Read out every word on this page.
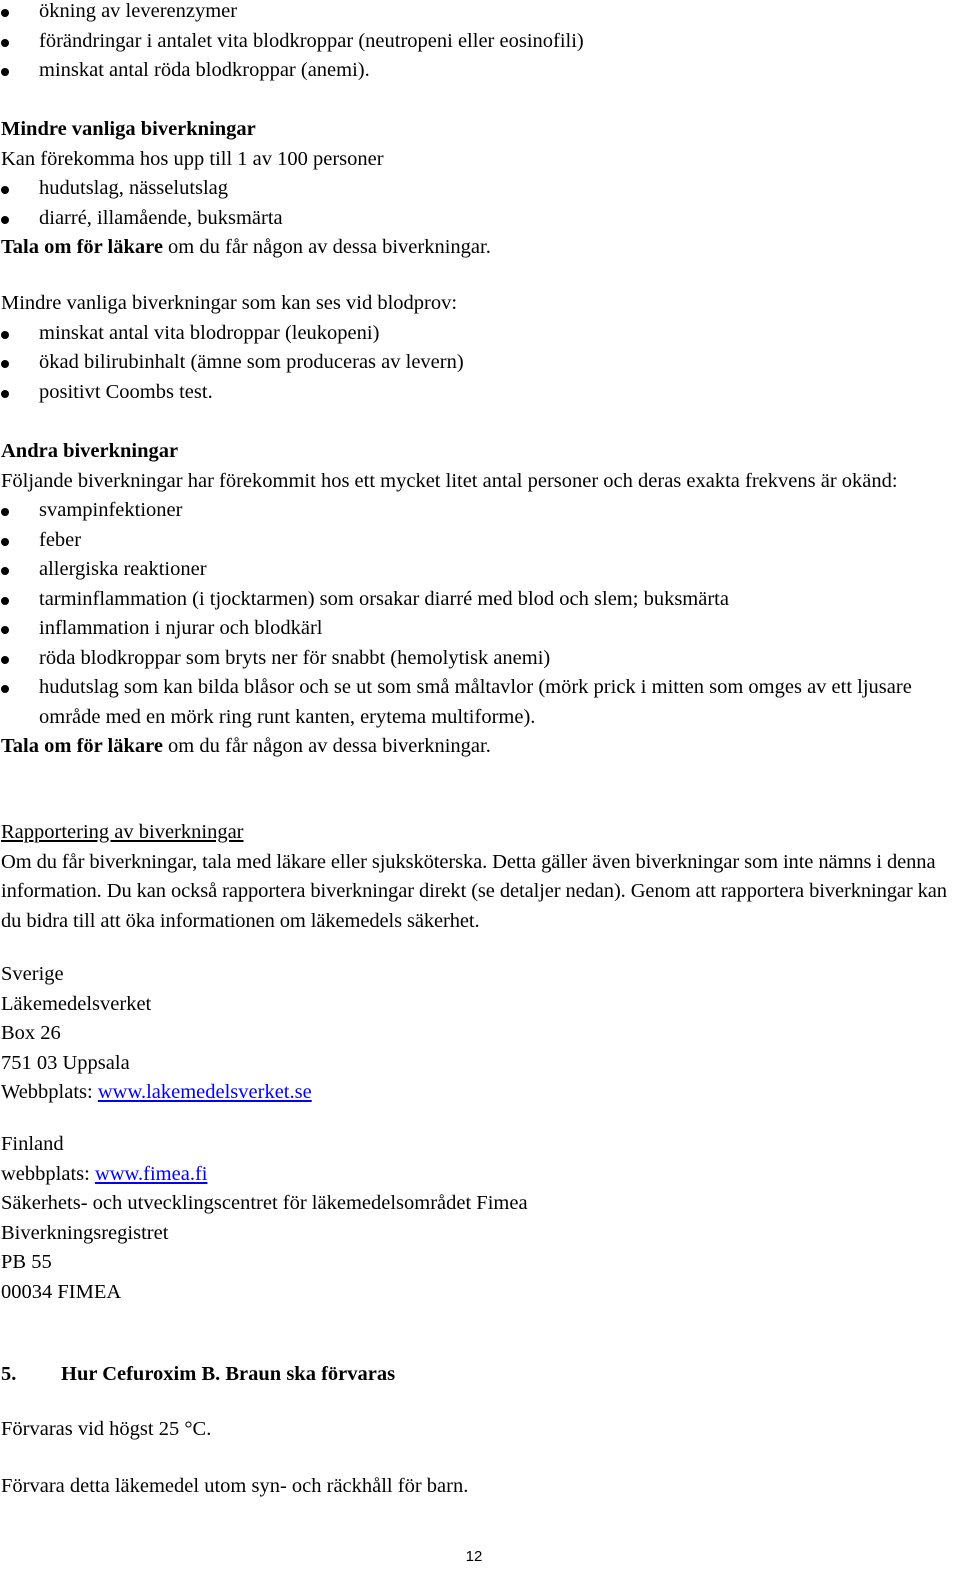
ökning av leverenzymer
förändringar i antalet vita blodkroppar (neutropeni eller eosinofili)
minskat antal röda blodkroppar (anemi).
Mindre vanliga biverkningar
Kan förekomma hos upp till 1 av 100 personer
hudutslag, nässelutslag
diarré, illamående, buksmärta
Tala om för läkare om du får någon av dessa biverkningar.
Mindre vanliga biverkningar som kan ses vid blodprov:
minskat antal vita blodroppar (leukopeni)
ökad bilirubinhalt (ämne som produceras av levern)
positivt Coombs test.
Andra biverkningar
Följande biverkningar har förekommit hos ett mycket litet antal personer och deras exakta frekvens är okänd:
svampinfektioner
feber
allergiska reaktioner
tarminflammation (i tjocktarmen) som orsakar diarré med blod och slem; buksmärta
inflammation i njurar och blodkärl
röda blodkroppar som bryts ner för snabbt (hemolytisk anemi)
hudutslag som kan bilda blåsor och se ut som små måltavlor (mörk prick i mitten som omges av ett ljusare område med en mörk ring runt kanten, erytema multiforme).
Tala om för läkare om du får någon av dessa biverkningar.
Rapportering av biverkningar
Om du får biverkningar, tala med läkare eller sjuksköterska. Detta gäller även biverkningar som inte nämns i denna information. Du kan också rapportera biverkningar direkt (se detaljer nedan). Genom att rapportera biverkningar kan du bidra till att öka informationen om läkemedels säkerhet.
Sverige
Läkemedelsverket
Box 26
751 03 Uppsala
Webbplats: www.lakemedelsverket.se
Finland
webbplats: www.fimea.fi
Säkerhets- och utvecklingscentret för läkemedelsområdet Fimea
Biverkningsregistret
PB 55
00034 FIMEA
5. Hur Cefuroxim B. Braun ska förvaras
Förvaras vid högst 25 °C.
Förvara detta läkemedel utom syn- och räckhåll för barn.
12
